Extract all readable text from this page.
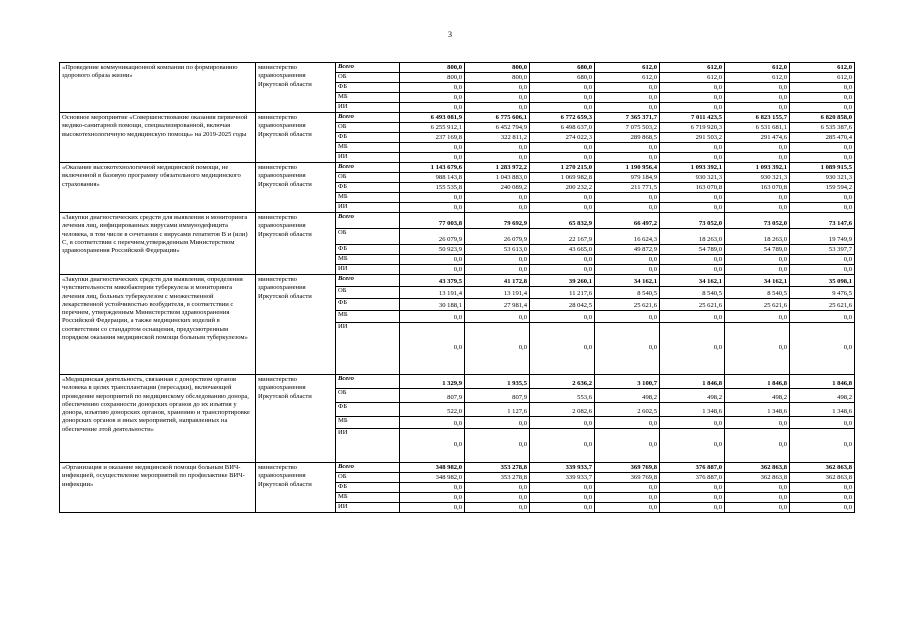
3
«Проведение коммуникационной компании по формированию здорового образа жизни»	министерство здравоохранения Иркутской области	Всего	800,0	800,0	680,0	612,0	612,0	612,0	612,0
		ОБ	800,0	800,0	680,0	612,0	612,0	612,0	612,0
		ФБ	0,0	0,0	0,0	0,0	0,0	0,0	0,0
		МБ	0,0	0,0	0,0	0,0	0,0	0,0	0,0
		ИИ	0,0	0,0	0,0	0,0	0,0	0,0	0,0
Основное мероприятие «Совершенствование оказания первичной медико-санитарной помощи, специализированной, включая высокотехнологичную медицинскую помощь» на 2019-2025 годы	министерство здравоохранения Иркутской области	Всего	6 493 081,9	6 775 606,1	6 772 659,3	7 365 371,7	7 011 423,5	6 823 155,7	6 820 858,0
		ОБ	6 255 912,1	6 452 794,9	6 498 637,0	7 075 503,2	6 719 920,3	6 531 681,1	6 535 387,6
		ФБ	237 169,8	322 811,2	274 022,3	289 868,5	291 503,2	291 474,6	285 470,4
		МБ	0,0	0,0	0,0	0,0	0,0	0,0	0,0
		ИИ	0,0	0,0	0,0	0,0	0,0	0,0	0,0
«Оказание высокотехнологичной медицинской помощи, не включенной в базовую программу обязательного медицинского страхования»	министерство здравоохранения Иркутской области	Всего	1 143 679,6	1 283 972,2	1 270 215,0	1 190 956,4	1 093 392,1	1 093 392,1	1 089 915,5
		ОБ	988 143,8	1 043 883,0	1 069 982,8	979 184,9	930 321,3	930 321,3	930 321,3
		ФБ	155 535,8	240 089,2	200 232,2	211 771,5	163 070,8	163 070,8	159 594,2
		МБ	0,0	0,0	0,0	0,0	0,0	0,0	0,0
		ИИ	0,0	0,0	0,0	0,0	0,0	0,0	0,0
«Закупки диагностических средств для выявления и мониторинга лечения лиц, инфицированных вирусами иммунодефицита человека, в том числе в сочетании с вирусами гепатитов В и (или) С, в соответствии с перечнем,утвержденным Министерством здравоохранения Российской Федерации»	министерство здравоохранения Иркутской области	Всего	77 003,8	79 692,9	65 832,9	66 497,2	73 052,0	73 052,0	73 147,6
		ОБ	26 079,9	26 079,9	22 167,9	16 624,3	18 263,0	18 263,0	19 749,9
		ФБ	50 923,9	53 613,0	43 665,0	49 872,9	54 789,0	54 789,0	53 397,7
		МБ	0,0	0,0	0,0	0,0	0,0	0,0	0,0
		ИИ	0,0	0,0	0,0	0,0	0,0	0,0	0,0
«Закупки диагностических средств для выявления, определения чувствительности микобактерии туберкулеза и мониторинга лечения лиц, больных туберкулезом с множественной лекарственной устойчивостью возбудителя, в соответствии с перечнем, утвержденным Министерством здравоохранения Российской Федерации, а также медицинских изделий в соответствии со стандартом оснащения, предусмотренным порядком оказания медицинской помощи больным туберкулезом»	министерство здравоохранения Иркутской области	Всего	43 379,5	41 172,8	39 260,1	34 162,1	34 162,1	34 162,1	35 098,1
		ОБ	13 191,4	13 191,4	11 217,6	8 540,5	8 540,5	8 540,5	9 476,5
		ФБ	30 188,1	27 981,4	28 042,5	25 621,6	25 621,6	25 621,6	25 621,6
		МБ	0,0	0,0	0,0	0,0	0,0	0,0	0,0
		ИИ	0,0	0,0	0,0	0,0	0,0	0,0	0,0
«Медицинская деятельность, связанная с донорством органов человека в целях трансплантации (пересадки), включающей проведение мероприятий по медицинскому обследованию донора, обеспечению сохранности донорских органов до их изъятия у донора, изъятию донорских органов, хранению и транспортировке донорских органов и иных мероприятий, направленных на обеспечение этой деятельности»	министерство здравоохранения Иркутской области	Всего	1 329,9	1 935,5	2 636,2	3 100,7	1 846,8	1 846,8	1 846,8
		ОБ	807,9	807,9	553,6	498,2	498,2	498,2	498,2
		ФБ	522,0	1 127,6	2 082,6	2 602,5	1 348,6	1 348,6	1 348,6
		МБ	0,0	0,0	0,0	0,0	0,0	0,0	0,0
		ИИ	0,0	0,0	0,0	0,0	0,0	0,0	0,0
«Организация и оказание медицинской помощи больным ВИЧ-инфекцией, осуществление мероприятий по профилактике ВИЧ-инфекции»	министерство здравоохранения Иркутской области	Всего	348 982,0	353 278,8	339 933,7	369 769,8	376 887,0	362 863,8	362 863,8
		ОБ	348 982,0	353 278,8	339 933,7	369 769,8	376 887,0	362 863,8	362 863,8
		ФБ	0,0	0,0	0,0	0,0	0,0	0,0	0,0
		МБ	0,0	0,0	0,0	0,0	0,0	0,0	0,0
		ИИ	0,0	0,0	0,0	0,0	0,0	0,0	0,0
